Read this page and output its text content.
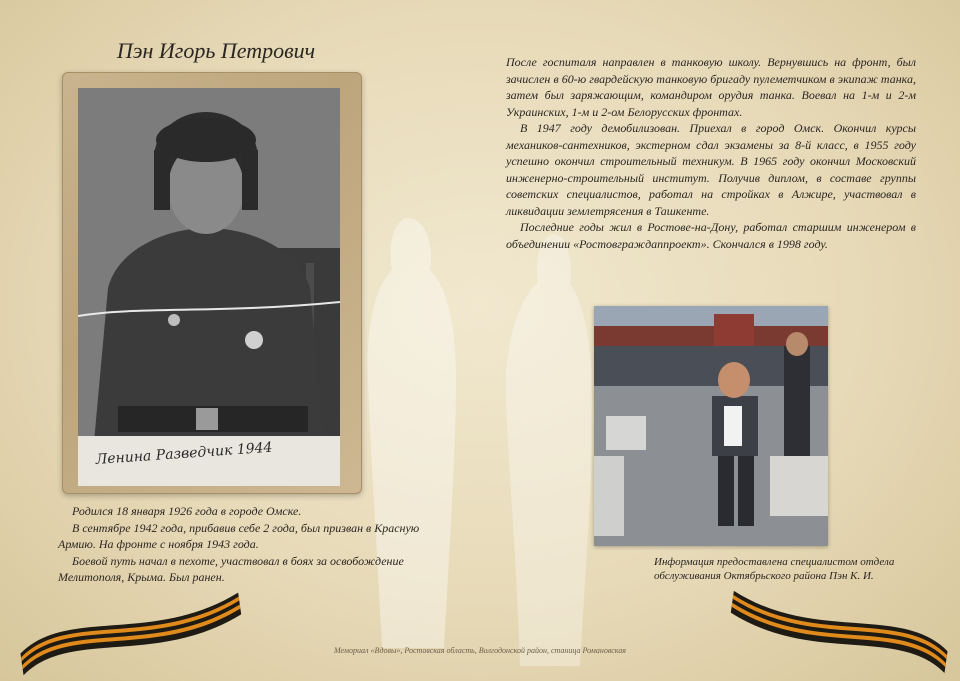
Пэн Игорь Петрович
Ленина Разведчик 1944

Родился 18 января 1926 года в городе Омске.

В сентябре 1942 года, прибавив себе 2 года, был призван в Красную Армию. На фронте с ноября 1943 года.

Боевой путь начал в пехоте, участвовал в боях за освобождение Мелитополя, Крыма. Был ранен.

После госпиталя направлен в танковую школу. Вернувшись на фронт, был зачислен в 60-ю гвардейскую танковую бригаду пулеметчиком в экипаж танка, затем был заряжающим, командиром орудия танка. Воевал на 1-м и 2-м Украинских, 1-м и 2-ом Белорусских фронтах.

В 1947 году демобилизован. Приехал в город Омск. Окончил курсы механиков-сантехников, экстерном сдал экзамены за 8-й класс, в 1955 году успешно окончил строительный техникум. В 1965 году окончил Московский инженерно-строительный институт. Получив диплом, в составе группы советских специалистов, работал на стройках в Алжире, участвовал в ликвидации землетрясения в Ташкенте.

Последние годы жил в Ростове-на-Дону, работал старшим инженером в объединении «Ростовграждanпроект». Скончался в 1998 году.

Информация предоставлена специалистом отдела
обслуживания Октябрьского района Пэн К. И.
Мемориал «Вдовы», Ростовская область, Волгодонской район, станица Романовская
